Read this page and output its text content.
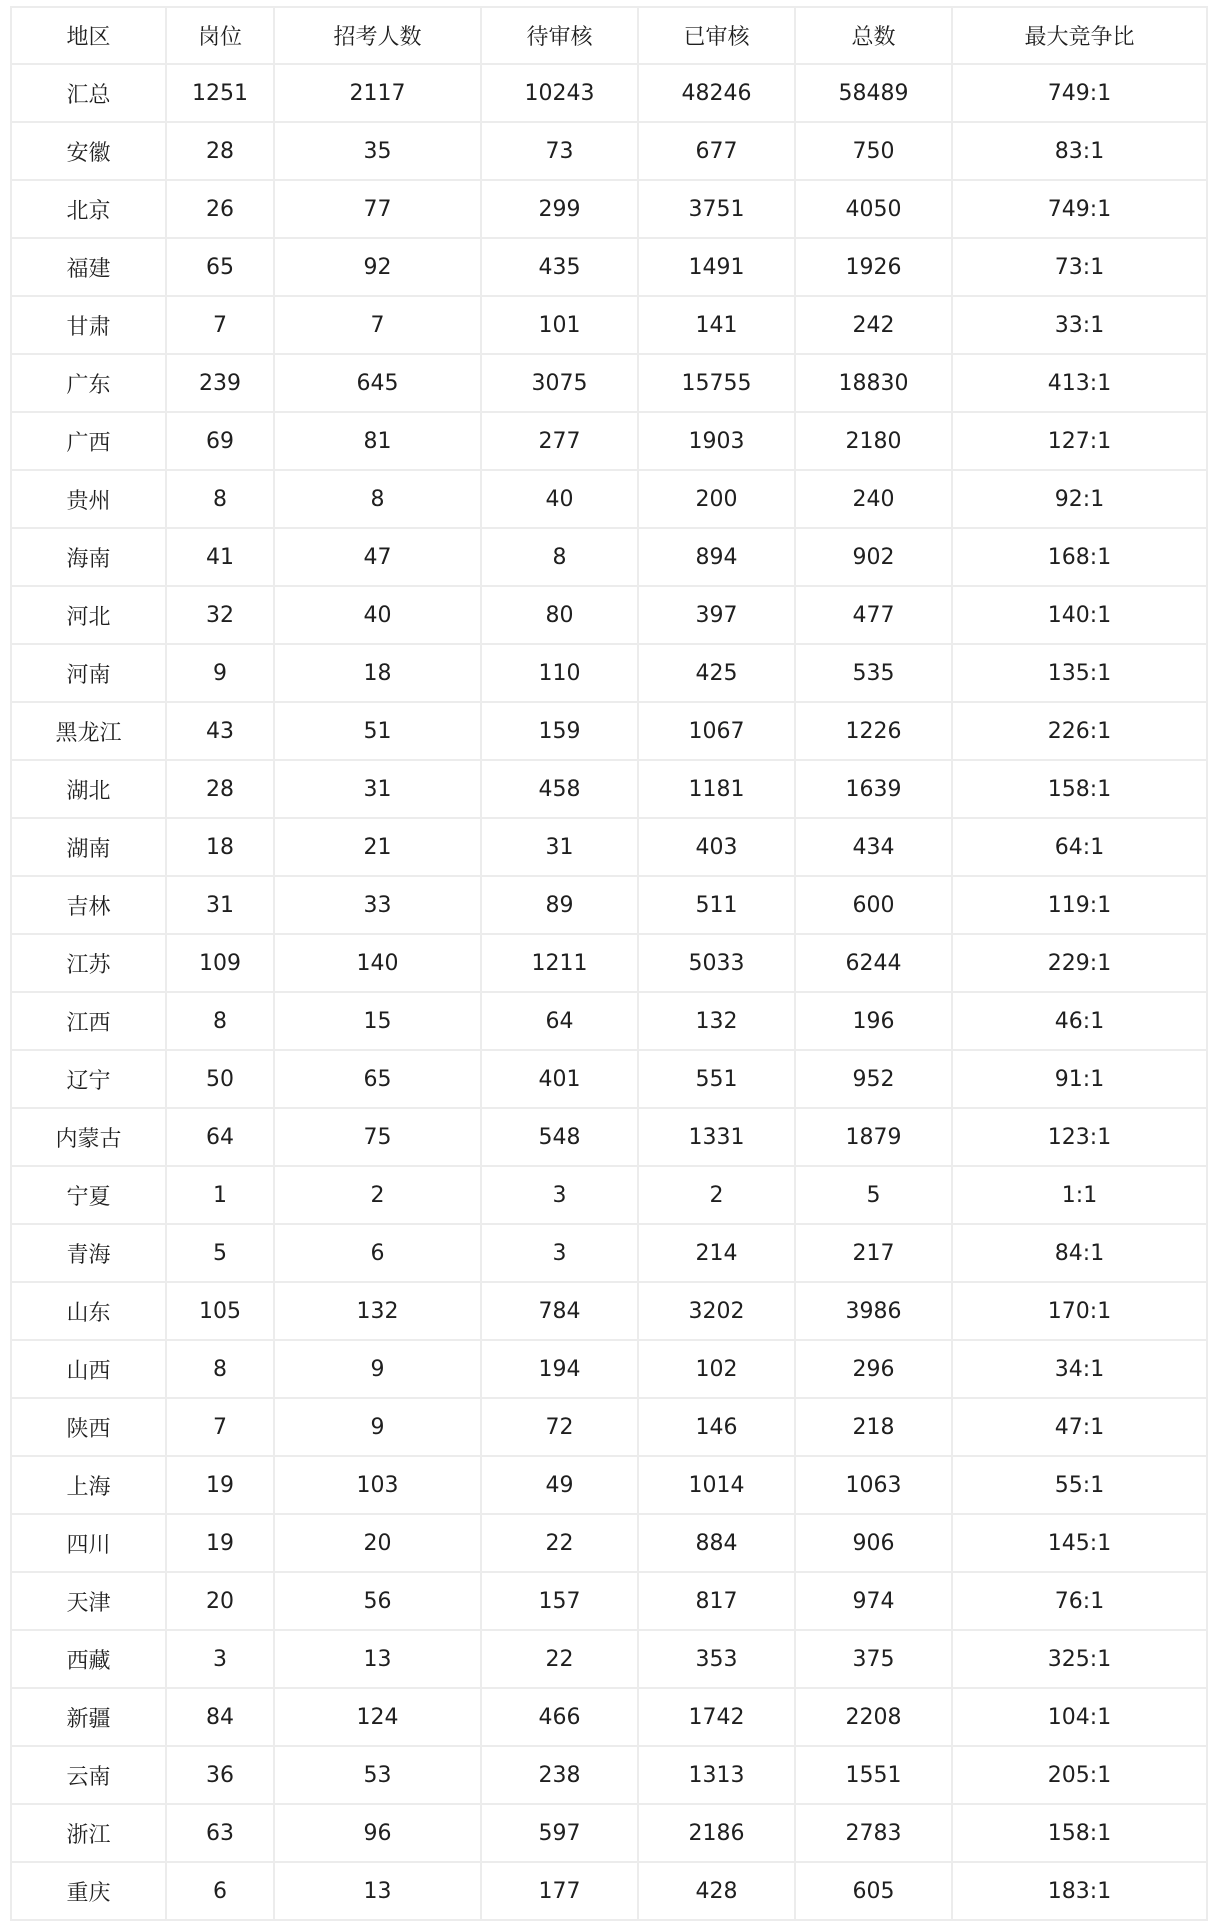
地区	岗位	招考人数	待审核	已审核	总数	最大竞争比
汇总	1251	2117	10243	48246	58489	749:1
安徽	28	35	73	677	750	83:1
北京	26	77	299	3751	4050	749:1
福建	65	92	435	1491	1926	73:1
甘肃	7	7	101	141	242	33:1
广东	239	645	3075	15755	18830	413:1
广西	69	81	277	1903	2180	127:1
贵州	8	8	40	200	240	92:1
海南	41	47	8	894	902	168:1
河北	32	40	80	397	477	140:1
河南	9	18	110	425	535	135:1
黑龙江	43	51	159	1067	1226	226:1
湖北	28	31	458	1181	1639	158:1
湖南	18	21	31	403	434	64:1
吉林	31	33	89	511	600	119:1
江苏	109	140	1211	5033	6244	229:1
江西	8	15	64	132	196	46:1
辽宁	50	65	401	551	952	91:1
内蒙古	64	75	548	1331	1879	123:1
宁夏	1	2	3	2	5	1:1
青海	5	6	3	214	217	84:1
山东	105	132	784	3202	3986	170:1
山西	8	9	194	102	296	34:1
陕西	7	9	72	146	218	47:1
上海	19	103	49	1014	1063	55:1
四川	19	20	22	884	906	145:1
天津	20	56	157	817	974	76:1
西藏	3	13	22	353	375	325:1
新疆	84	124	466	1742	2208	104:1
云南	36	53	238	1313	1551	205:1
浙江	63	96	597	2186	2783	158:1
重庆	6	13	177	428	605	183:1
